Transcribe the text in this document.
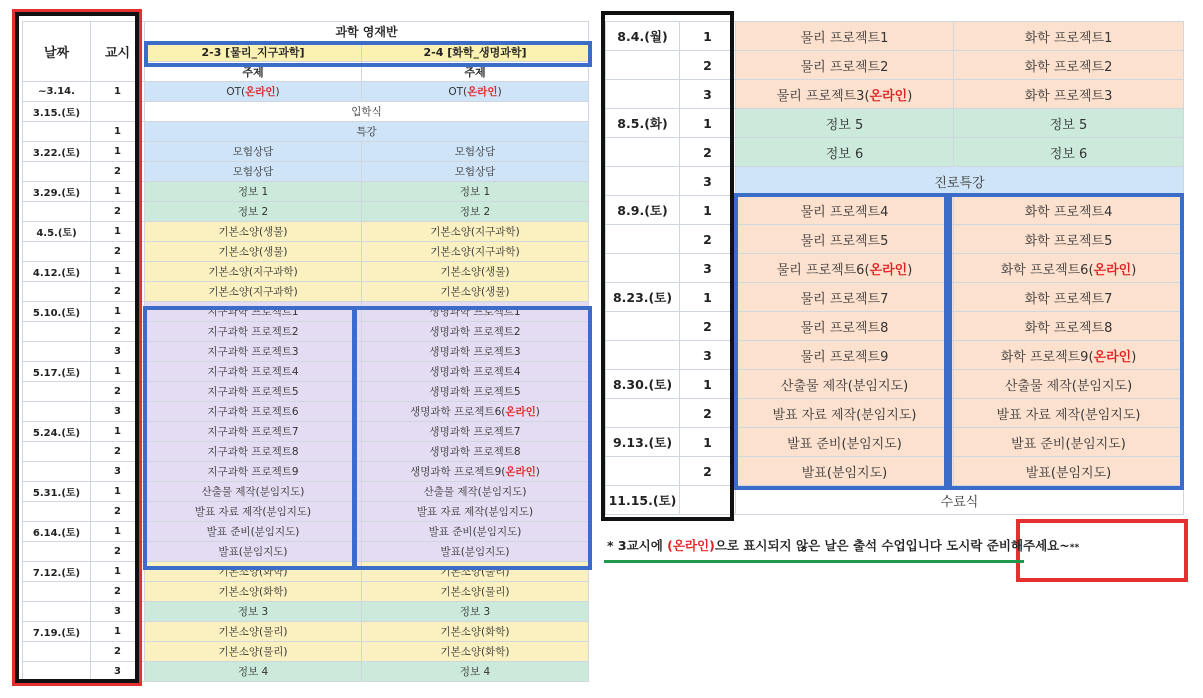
날짜	교시	과학 영재반	
		2-3 [물리_지구과학]	2-4 [화학_생명과학]
		주제	주제
~3.14.	1	OT(온라인)	OT(온라인)
3.15.(토)		입학식	
	1	특강	
3.22.(토)	1	모험상담	모험상담
	2	모험상담	모험상담
3.29.(토)	1	정보 1	정보 1
	2	정보 2	정보 2
4.5.(토)	1	기본소양(생물)	기본소양(지구과학)
	2	기본소양(생물)	기본소양(지구과학)
4.12.(토)	1	기본소양(지구과학)	기본소양(생물)
	2	기본소양(지구과학)	기본소양(생물)
5.10.(토)	1	지구과학 프로젝트1	생명과학 프로젝트1
	2	지구과학 프로젝트2	생명과학 프로젝트2
	3	지구과학 프로젝트3	생명과학 프로젝트3
5.17.(토)	1	지구과학 프로젝트4	생명과학 프로젝트4
	2	지구과학 프로젝트5	생명과학 프로젝트5
	3	지구과학 프로젝트6	생명과학 프로젝트6(온라인)
5.24.(토)	1	지구과학 프로젝트7	생명과학 프로젝트7
	2	지구과학 프로젝트8	생명과학 프로젝트8
	3	지구과학 프로젝트9	생명과학 프로젝트9(온라인)
5.31.(토)	1	산출물 제작(분임지도)	산출물 제작(분임지도)
	2	발표 자료 제작(분임지도)	발표 자료 제작(분임지도)
6.14.(토)	1	발표 준비(분임지도)	발표 준비(분임지도)
	2	발표(분임지도)	발표(분임지도)
7.12.(토)	1	기본소양(화학)	기본소양(물리)
	2	기본소양(화학)	기본소양(물리)
	3	정보 3	정보 3
7.19.(토)	1	기본소양(물리)	기본소양(화학)
	2	기본소양(물리)	기본소양(화학)
	3	정보 4	정보 4
8.4.(월)	1	물리 프로젝트1	화학 프로젝트1
	2	물리 프로젝트2	화학 프로젝트2
	3	물리 프로젝트3(온라인)	화학 프로젝트3
8.5.(화)	1	정보 5	정보 5
	2	정보 6	정보 6
	3	진로특강	
8.9.(토)	1	물리 프로젝트4	화학 프로젝트4
	2	물리 프로젝트5	화학 프로젝트5
	3	물리 프로젝트6(온라인)	화학 프로젝트6(온라인)
8.23.(토)	1	물리 프로젝트7	화학 프로젝트7
	2	물리 프로젝트8	화학 프로젝트8
	3	물리 프로젝트9	화학 프로젝트9(온라인)
8.30.(토)	1	산출물 제작(분임지도)	산출물 제작(분임지도)
	2	발표 자료 제작(분임지도)	발표 자료 제작(분임지도)
9.13.(토)	1	발표 준비(분임지도)	발표 준비(분임지도)
	2	발표(분임지도)	발표(분임지도)
11.15.(토)		수료식	
* 3교시에 (온라인)으로 표시되지 않은 날은 출석 수업입니다 도시락 준비해주세요~**
